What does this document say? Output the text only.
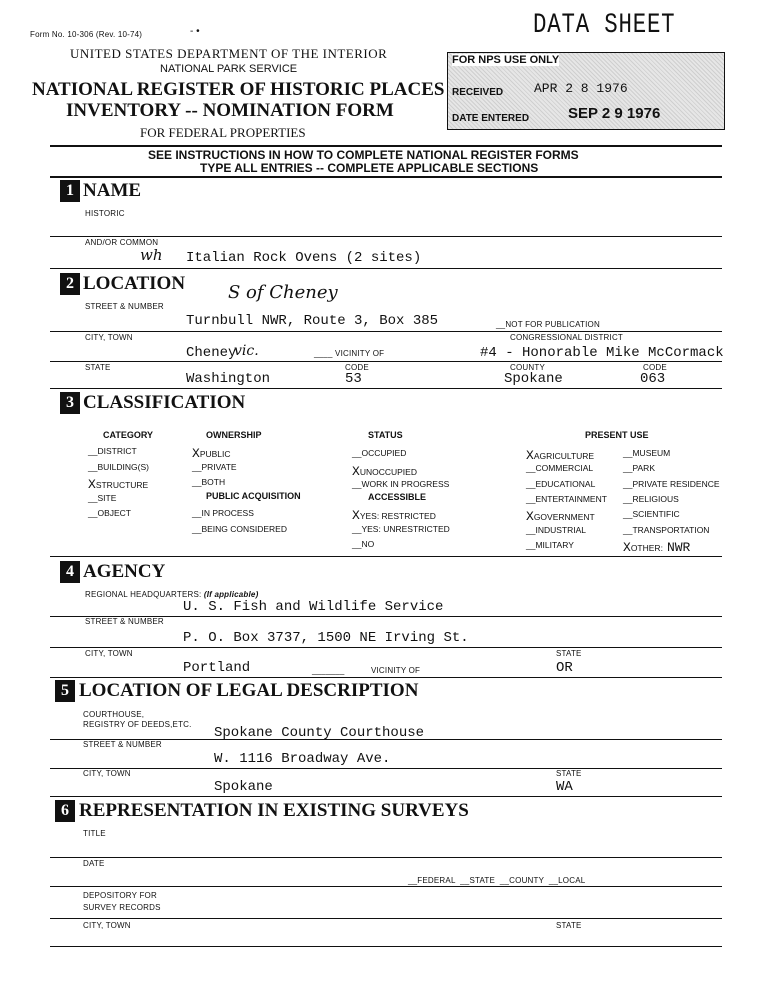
Form No. 10-306 (Rev. 10-74)	- •	DATA SHEET
UNITED STATES DEPARTMENT OF THE INTERIOR
NATIONAL PARK SERVICE
NATIONAL REGISTER OF HISTORIC PLACES
INVENTORY -- NOMINATION FORM
FOR FEDERAL PROPERTIES
FOR NPS USE ONLY
RECEIVED APR 2 8 1976
DATE ENTERED	SEP 2 9 1976
SEE INSTRUCTIONS IN HOW TO COMPLETE NATIONAL REGISTER FORMS
TYPE ALL ENTRIES -- COMPLETE APPLICABLE SECTIONS
1 NAME
HISTORIC
AND/OR COMMON
wh Italian Rock Ovens (2 sites)
2 LOCATION S of Cheney
STREET & NUMBER
Turnbull NWR, Route 3, Box 385	__NOT FOR PUBLICATION
CITY, TOWN	CONGRESSIONAL DISTRICT
Cheney
vic.	____ VICINITY OF	#4 - Honorable Mike McCormack
STATE	CODE	COUNTY	CODE
Washington	53	Spokane	063
3 CLASSIFICATION
CATEGORY
__DISTRICT
__BUILDING(S)
XSTRUCTURE
__SITE
__OBJECT
OWNERSHIP
XPUBLIC
__PRIVATE
__BOTH
PUBLIC ACQUISITION
__IN PROCESS
__BEING CONSIDERED
STATUS
__OCCUPIED
XUNOCCUPIED
__WORK IN PROGRESS
ACCESSIBLE
XYES: RESTRICTED
__YES: UNRESTRICTED
__NO
PRESENT USE
XAGRICULTURE
__COMMERCIAL
__EDUCATIONAL
__ENTERTAINMENT
XGOVERNMENT
__INDUSTRIAL
__MILITARY
__MUSEUM
__PARK
__PRIVATE RESIDENCE
__RELIGIOUS
__SCIENTIFIC
__TRANSPORTATION
XOTHER: NWR
4 AGENCY
REGIONAL HEADQUARTERS: (If applicable)
U. S. Fish and Wildlife Service
STREET & NUMBER
P. O. Box 3737, 1500 NE Irving St.
CITY, TOWN	STATE
Portland	_______	VICINITY OF	OR
5 LOCATION OF LEGAL DESCRIPTION
COURTHOUSE,
REGISTRY OF DEEDS,ETC.
Spokane County Courthouse
STREET & NUMBER
W. 1116 Broadway Ave.
CITY, TOWN	STATE
Spokane	WA
6 REPRESENTATION IN EXISTING SURVEYS
TITLE
DATE
__FEDERAL  __STATE  __COUNTY  __LOCAL
DEPOSITORY FOR
SURVEY RECORDS
CITY, TOWN	STATE
